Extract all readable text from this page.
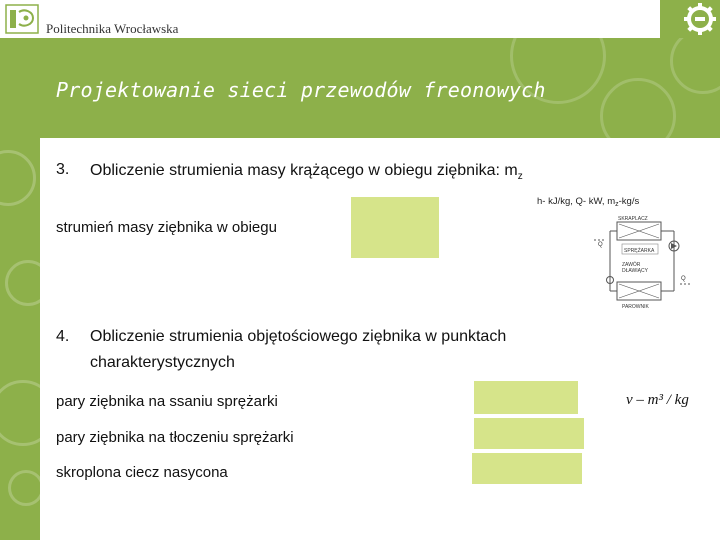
Politechnika Wrocławska
Projektowanie sieci przewodów freonowych
3. Obliczenie strumienia masy krążącego w obiegu ziębnika: $m_z$
h- kJ/kg, Q- kW, $m_z-kg/s$
strumień masy ziębnika w obiegu	SKRAPLACZ
SPRĘŻARKA
ZAWÓR
DŁAWIĄCY
PAROWNIK
Q
Q
4. Obliczenie strumienia objętościowego ziębnika w punktach
charakterystycznych
pary ziębnika na ssaniu sprężarki
pary ziębnika na tłoczeniu sprężarki
skroplona ciecz nasycona
v – m³ / kg
